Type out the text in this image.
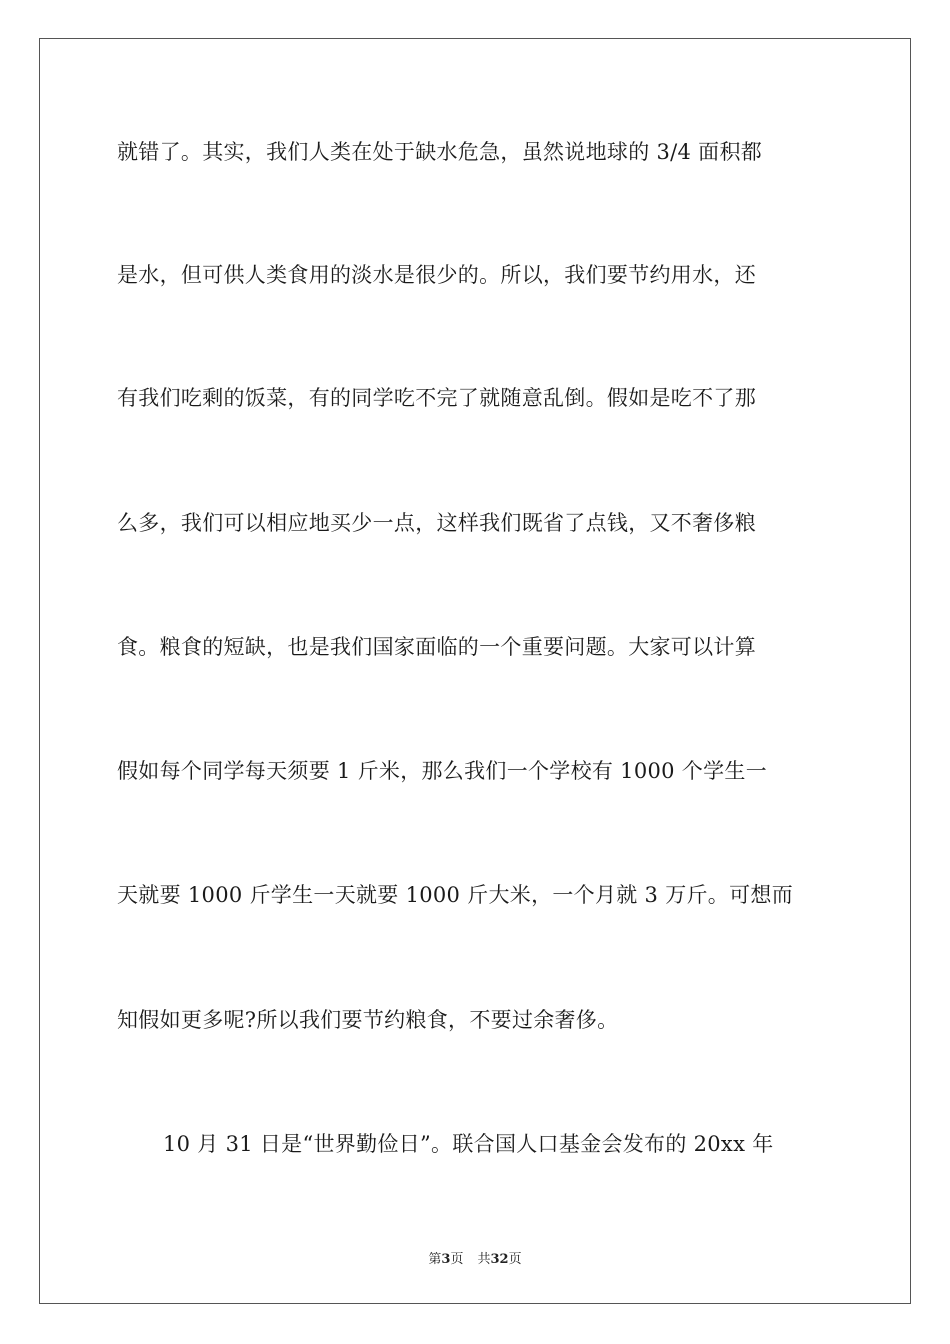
就错了。其实，我们人类在处于缺水危急，虽然说地球的 3/4 面积都
是水，但可供人类食用的淡水是很少的。所以，我们要节约用水，还
有我们吃剩的饭菜，有的同学吃不完了就随意乱倒。假如是吃不了那
么多，我们可以相应地买少一点，这样我们既省了点钱，又不奢侈粮
食。粮食的短缺，也是我们国家面临的一个重要问题。大家可以计算
假如每个同学每天须要 1 斤米，那么我们一个学校有 1000 个学生一
天就要 1000 斤学生一天就要 1000 斤大米，一个月就 3 万斤。可想而
知假如更多呢?所以我们要节约粮食，不要过余奢侈。
10 月 31 日是“世界勤俭日”。联合国人口基金会发布的 20xx 年
第3页 共32页
